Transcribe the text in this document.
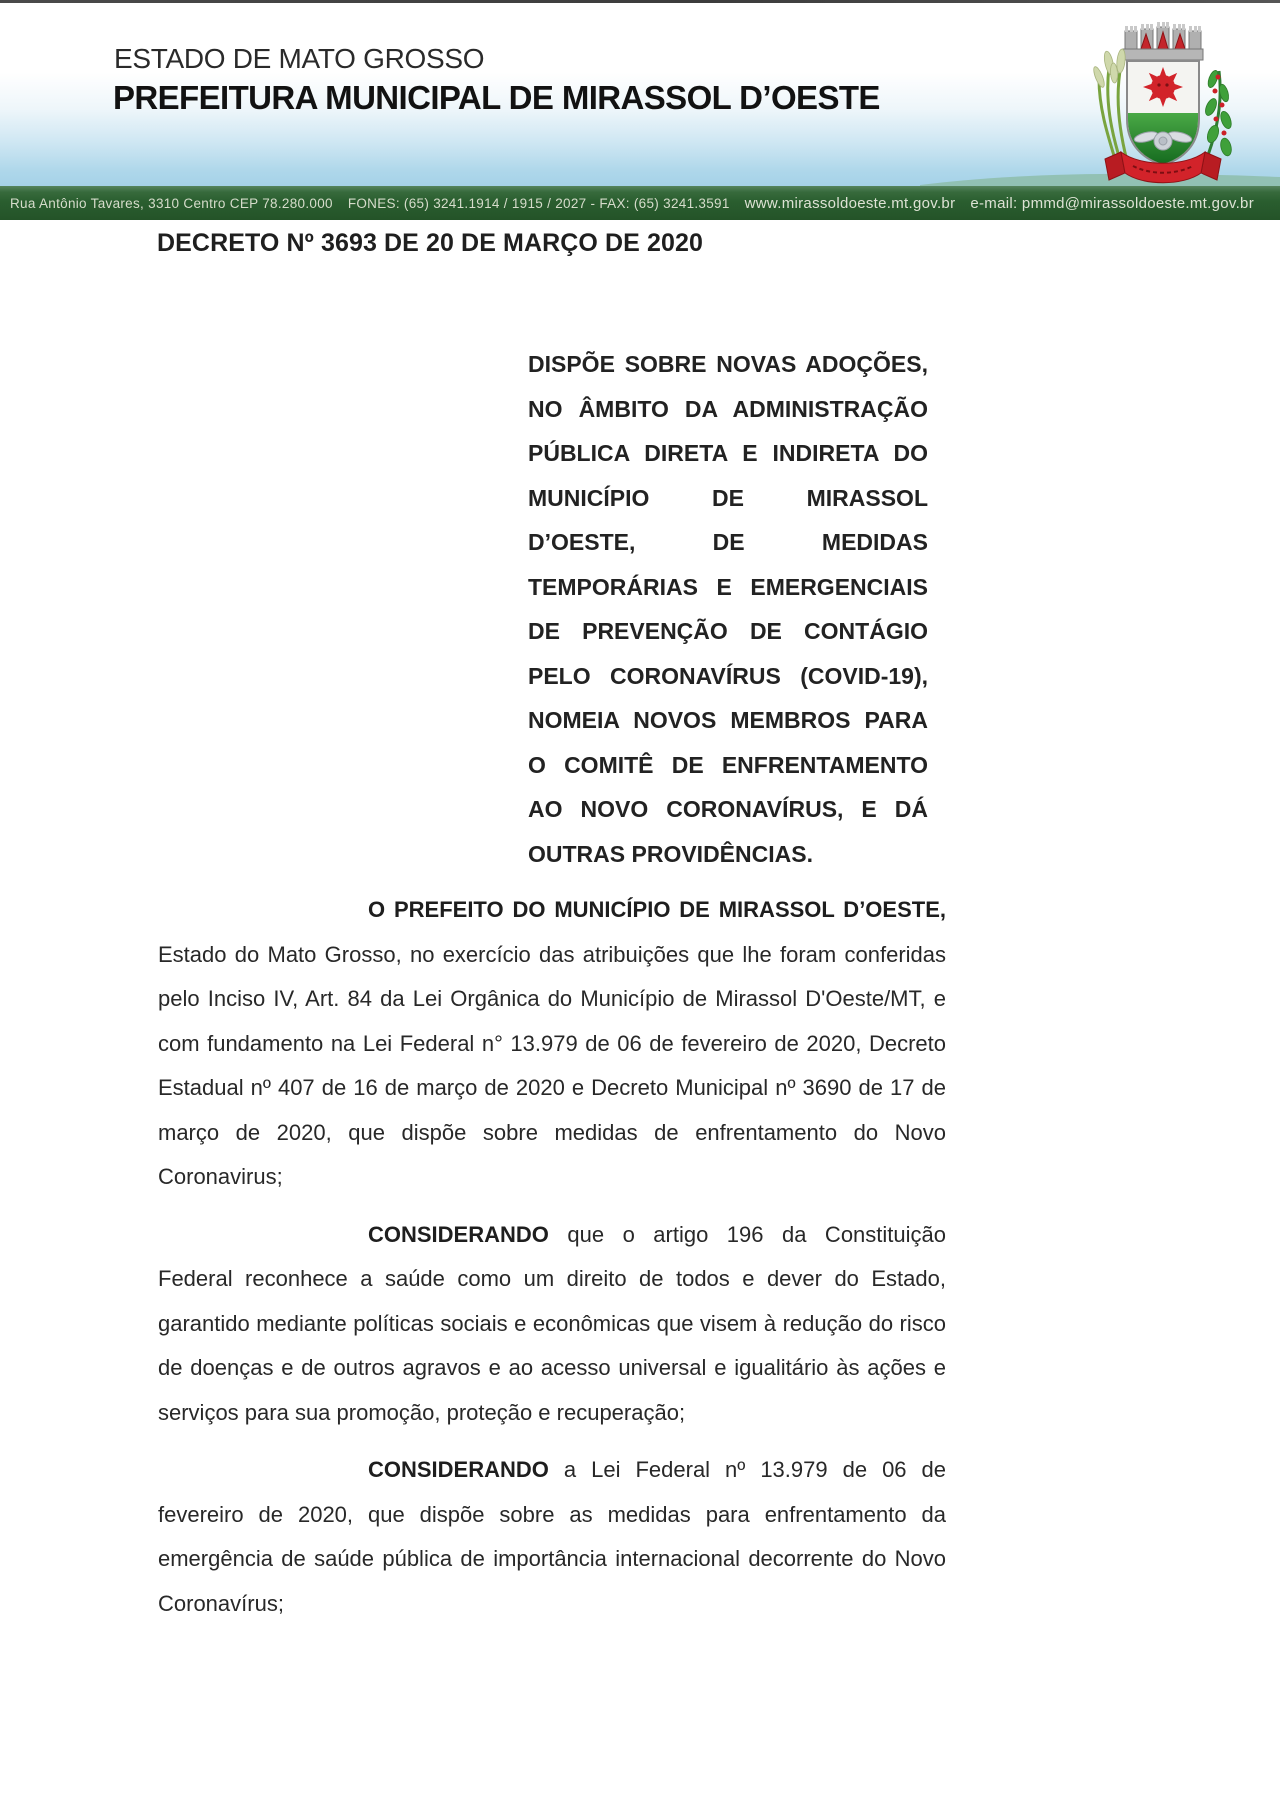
ESTADO DE MATO GROSSO
PREFEITURA MUNICIPAL DE MIRASSOL D’OESTE
Rua Antônio Tavares, 3310 Centro CEP 78.280.000 FONES: (65) 3241.1914 / 1915 / 2027 - FAX: (65) 3241.3591 www.mirassoldoeste.mt.gov.br e-mail: pmmd@mirassoldoeste.mt.gov.br
DECRETO Nº 3693 DE 20 DE MARÇO DE 2020
DISPÕE SOBRE NOVAS ADOÇÕES, NO ÂMBITO DA ADMINISTRAÇÃO PÚBLICA DIRETA E INDIRETA DO MUNICÍPIO DE MIRASSOL D’OESTE, DE MEDIDAS TEMPORÁRIAS E EMERGENCIAIS DE PREVENÇÃO DE CONTÁGIO PELO CORONAVÍRUS (COVID-19), NOMEIA NOVOS MEMBROS PARA O COMITÊ DE ENFRENTAMENTO AO NOVO CORONAVÍRUS, E DÁ OUTRAS PROVIDÊNCIAS.

O PREFEITO DO MUNICÍPIO DE MIRASSOL D’OESTE, Estado do Mato Grosso, no exercício das atribuições que lhe foram conferidas pelo Inciso IV, Art. 84 da Lei Orgânica do Município de Mirassol D'Oeste/MT, e com fundamento na Lei Federal n° 13.979 de 06 de fevereiro de 2020, Decreto Estadual nº 407 de 16 de março de 2020 e Decreto Municipal nº 3690 de 17 de março de 2020, que dispõe sobre medidas de enfrentamento do Novo Coronavirus;

CONSIDERANDO que o artigo 196 da Constituição Federal reconhece a saúde como um direito de todos e dever do Estado, garantido mediante políticas sociais e econômicas que visem à redução do risco de doenças e de outros agravos e ao acesso universal e igualitário às ações e serviços para sua promoção, proteção e recuperação;

CONSIDERANDO a Lei Federal nº 13.979 de 06 de fevereiro de 2020, que dispõe sobre as medidas para enfrentamento da emergência de saúde pública de importância internacional decorrente do Novo Coronavírus;
